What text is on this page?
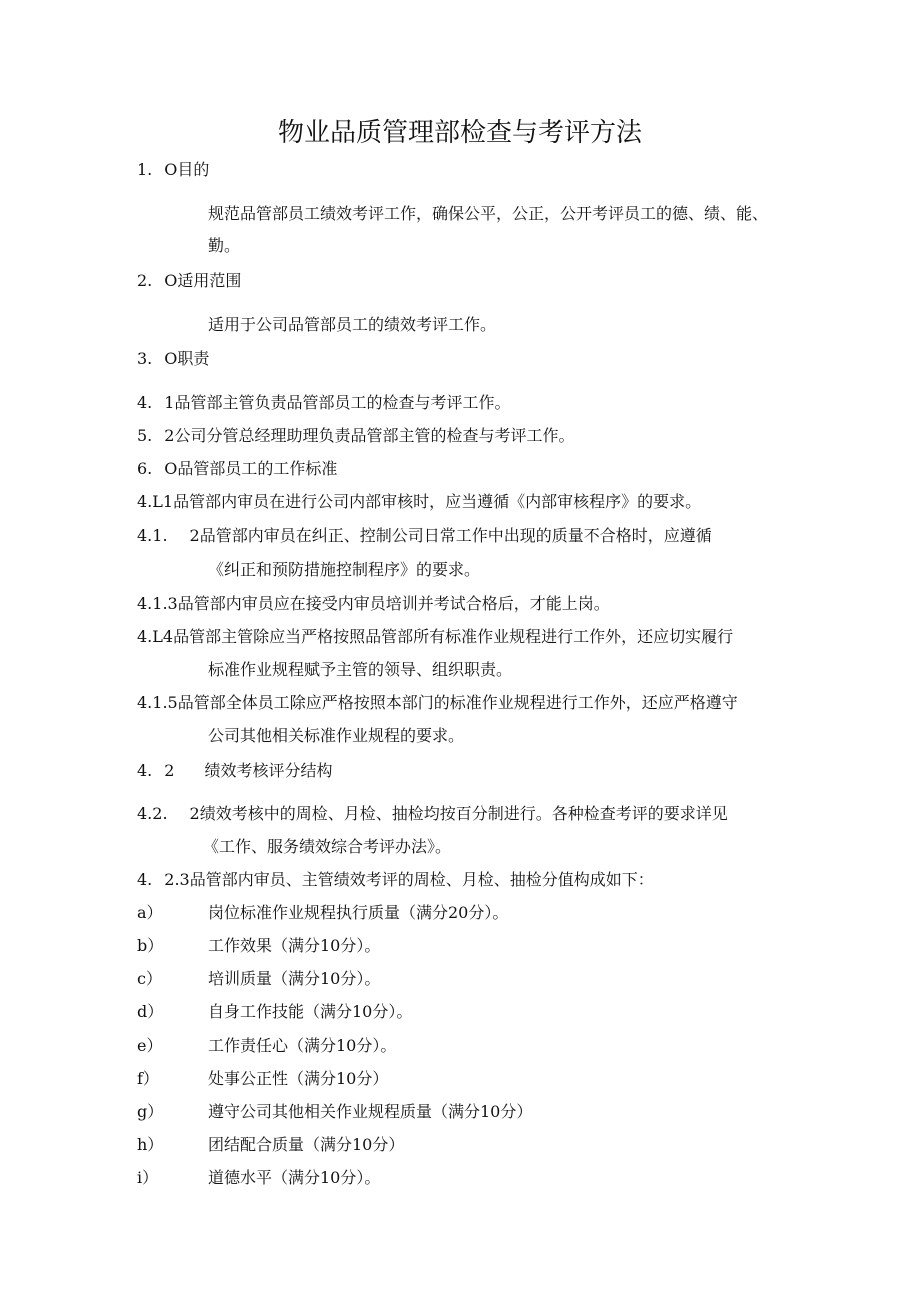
物业品质管理部检查与考评方法
1. O目的
规范品管部员工绩效考评工作，确保公平，公正，公开考评员工的德、绩、能、
勤。
2. O适用范围
适用于公司品管部员工的绩效考评工作。
3. O职责
4. 1品管部主管负责品管部员工的检查与考评工作。
5. 2公司分管总经理助理负责品管部主管的检查与考评工作。
6. O品管部员工的工作标准
4.L1品管部内审员在进行公司内部审核时，应当遵循《内部审核程序》的要求。
4.1. 2品管部内审员在纠正、控制公司日常工作中出现的质量不合格时，应遵循
《纠正和预防措施控制程序》的要求。
4.1.3品管部内审员应在接受内审员培训并考试合格后，才能上岗。
4.L4品管部主管除应当严格按照品管部所有标准作业规程进行工作外，还应切实履行
标准作业规程赋予主管的领导、组织职责。
4.1.5品管部全体员工除应严格按照本部门的标准作业规程进行工作外，还应严格遵守
公司其他相关标准作业规程的要求。
4. 2 绩效考核评分结构
4.2. 2绩效考核中的周检、月检、抽检均按百分制进行。各种检查考评的要求详见
《工作、服务绩效综合考评办法》。
4. 2.3品管部内审员、主管绩效考评的周检、月检、抽检分值构成如下：
a）	岗位标准作业规程执行质量（满分20分）。
b）	工作效果（满分10分）。
c）	培训质量（满分10分）。
d）	自身工作技能（满分10分）。
e）	工作责任心（满分10分）。
f）	处事公正性（满分10分）
g）	遵守公司其他相关作业规程质量（满分10分）
h）	团结配合质量（满分10分）
i）	道德水平（满分10分）。
